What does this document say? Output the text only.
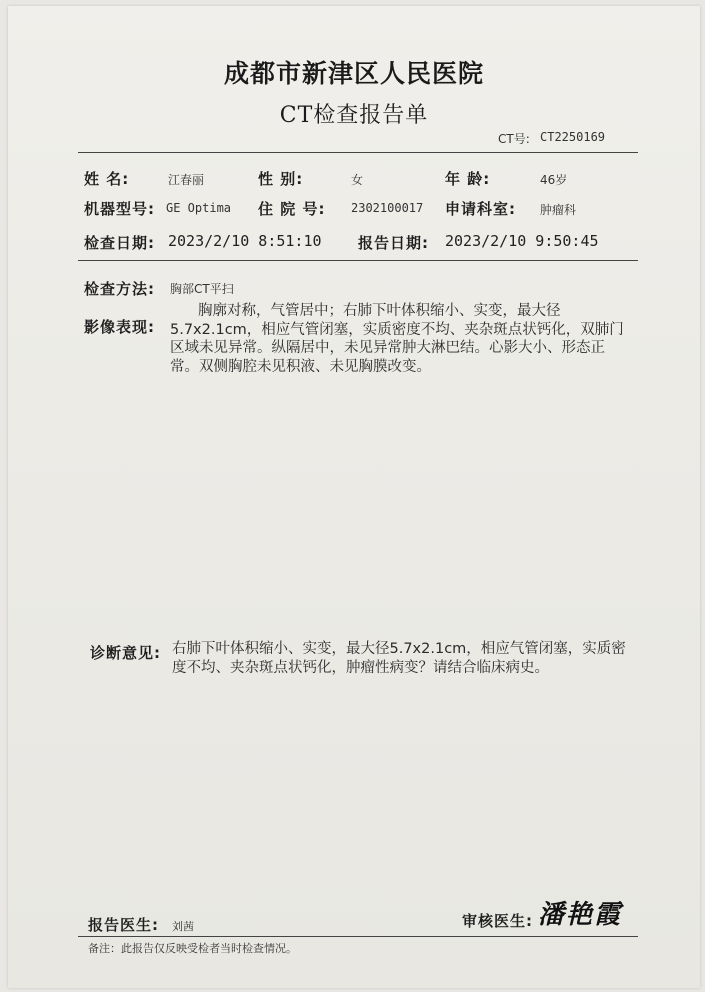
成都市新津区人民医院
CT检查报告单
CT号: CT2250169
姓 名:	江春丽	性 别:	女	年 龄:	46岁
机器型号: GE Optima 住 院 号: 2302100017 申请科室: 肿瘤科
检查日期: 2023/2/10 8:51:10 报告日期: 2023/2/10 9:50:45
检查方法: 胸部CT平扫
影像表现:
胸廓对称，气管居中；右肺下叶体积缩小、实变，最大径5.7x2.1cm，相应气管闭塞，实质密度不均、夹杂斑点状钙化，双肺门区域未见异常。纵隔居中，未见异常肿大淋巴结。心影大小、形态正常。双侧胸腔未见积液、未见胸膜改变。
诊断意见: 右肺下叶体积缩小、实变，最大径5.7x2.1cm，相应气管闭塞，实质密度不均、夹杂斑点状钙化，肿瘤性病变？请结合临床病史。
报告医生: 刘茜	审核医生: 潘艳霞
备注：此报告仅反映受检者当时检查情况。
